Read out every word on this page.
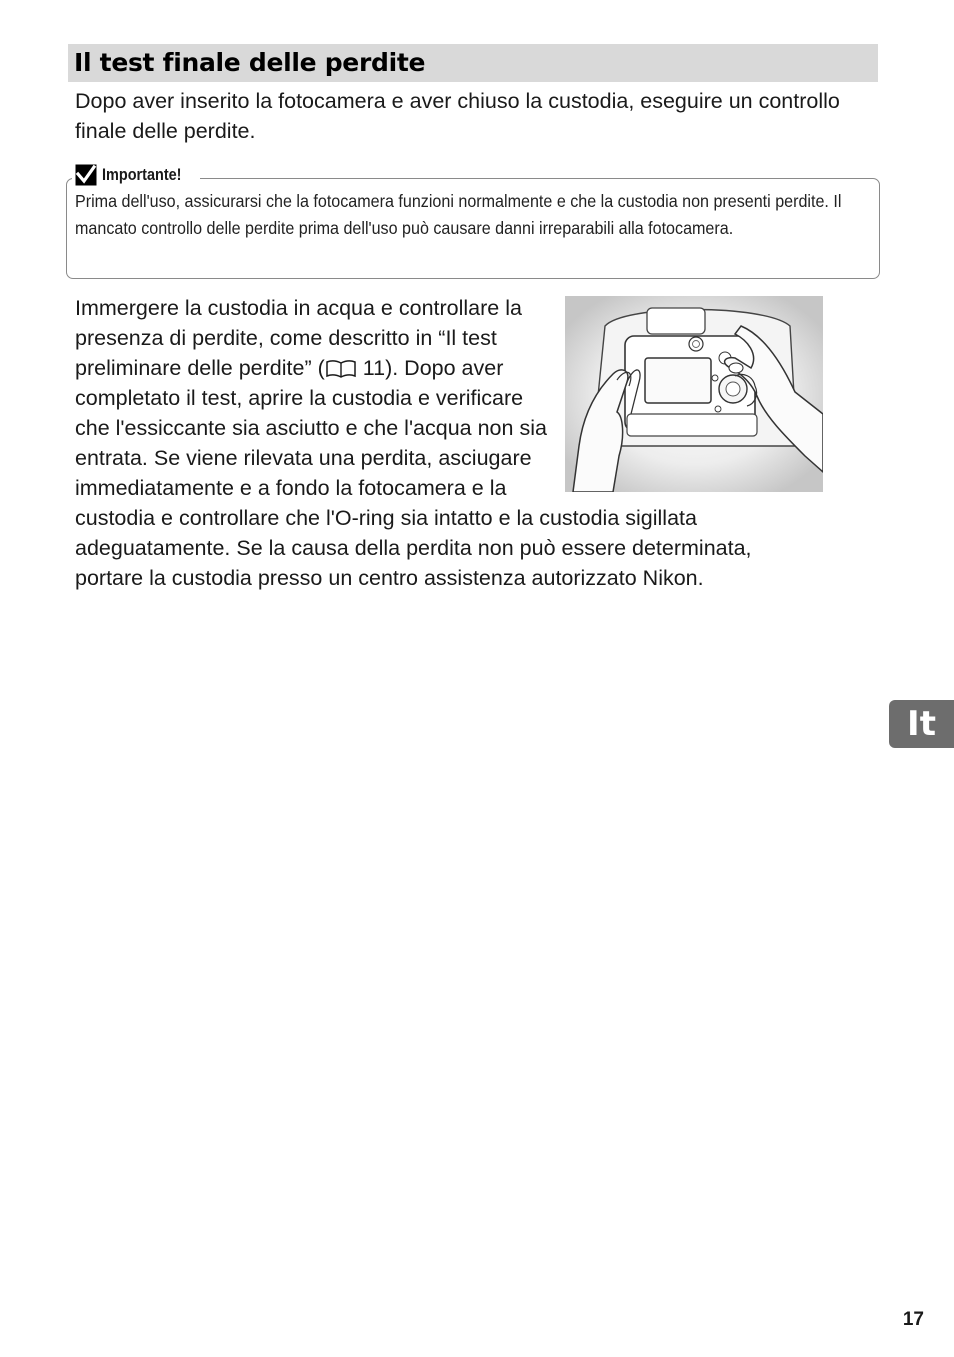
Il test finale delle perdite

Dopo aver inserito la fotocamera e aver chiuso la custodia, eseguire un controllo finale delle perdite.

Importante!

Prima dell'uso, assicurarsi che la fotocamera funzioni normalmente e che la custodia non presenti perdite. Il mancato controllo delle perdite prima dell'uso può causare danni irreparabili alla fotocamera.

Immergere la custodia in acqua e controllare la presenza di perdite, come descritto in “Il test preliminare delle perdite” ( 11). Dopo aver completato il test, aprire la custodia e verificare che l'essiccante sia asciutto e che l'acqua non sia entrata. Se viene rilevata una perdita, asciugare immediatamente e a fondo la fotocamera e la custodia e controllare che l'O-ring sia intatto e la custodia sigillata adeguatamente. Se la causa della perdita non può essere determinata, portare la custodia presso un centro assistenza autorizzato Nikon.
It
17
